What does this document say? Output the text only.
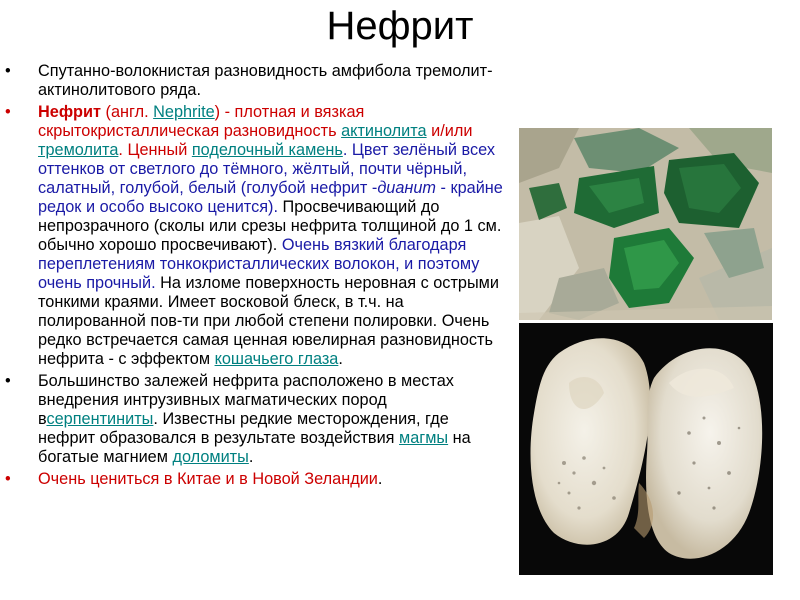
Нефрит
• Спутанно-волокнистая разновидность амфибола тремолит-актинолитового ряда.
• Нефрит (англ. Nephrite) - плотная и вязкая скрытокристаллическая разновидность актинолита и/или тремолита. Ценный поделочный камень. Цвет зелёный всех оттенков от светлого до тёмного, жёлтый, почти чёрный, салатный, голубой, белый (голубой нефрит -дианит - крайне редок и особо высоко ценится). Просвечивающий до непрозрачного (сколы или срезы нефрита толщиной до 1 см. обычно хорошо просвечивают). Очень вязкий благодаря переплетениям тонкокристаллических волокон, и поэтому очень прочный. На изломе поверхность неровная с острыми тонкими краями. Имеет восковой блеск, в т.ч. на полированной пов-ти при любой степени полировки. Очень редко встречается самая ценная ювелирная разновидность нефрита - с эффектом кошачьего глаза.
• Большинство залежей нефрита расположено в местах внедрения интрузивных магматических пород всерпентиниты. Известны редкие месторождения, где нефрит образовался в результате воздействия магмы на богатые магнием доломиты.
• Очень цениться в Китае и в Новой Зеландии.
